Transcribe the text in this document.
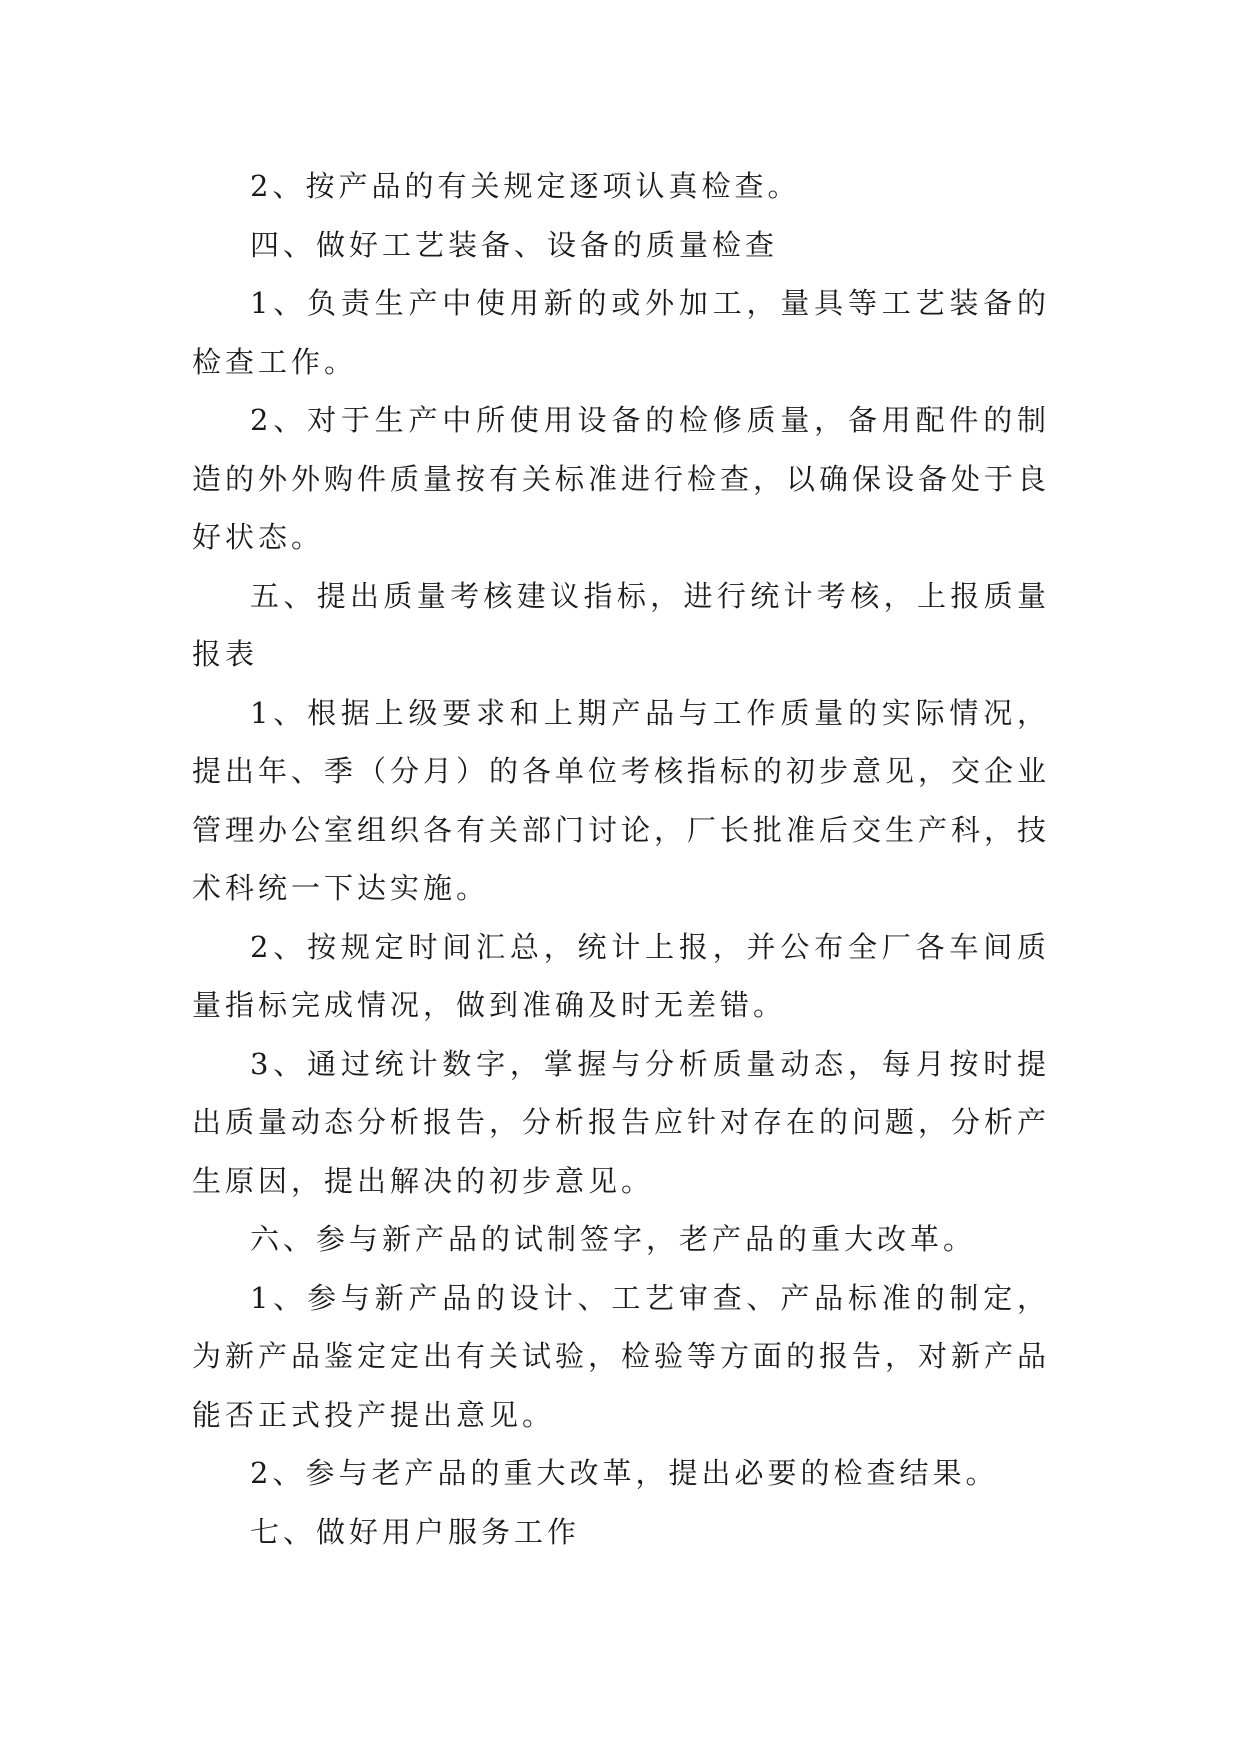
2、按产品的有关规定逐项认真检查。

四、做好工艺装备、设备的质量检查

1、负责生产中使用新的或外加工，量具等工艺装备的检查工作。

2、对于生产中所使用设备的检修质量，备用配件的制造的外外购件质量按有关标准进行检查，以确保设备处于良好状态。

五、提出质量考核建议指标，进行统计考核，上报质量报表

1、根据上级要求和上期产品与工作质量的实际情况，提出年、季（分月）的各单位考核指标的初步意见，交企业管理办公室组织各有关部门讨论，厂长批准后交生产科，技术科统一下达实施。

2、按规定时间汇总，统计上报，并公布全厂各车间质量指标完成情况，做到准确及时无差错。

3、通过统计数字，掌握与分析质量动态，每月按时提出质量动态分析报告，分析报告应针对存在的问题，分析产生原因，提出解决的初步意见。

六、参与新产品的试制签字，老产品的重大改革。

1、参与新产品的设计、工艺审查、产品标准的制定，为新产品鉴定定出有关试验，检验等方面的报告，对新产品能否正式投产提出意见。

2、参与老产品的重大改革，提出必要的检查结果。

七、做好用户服务工作
